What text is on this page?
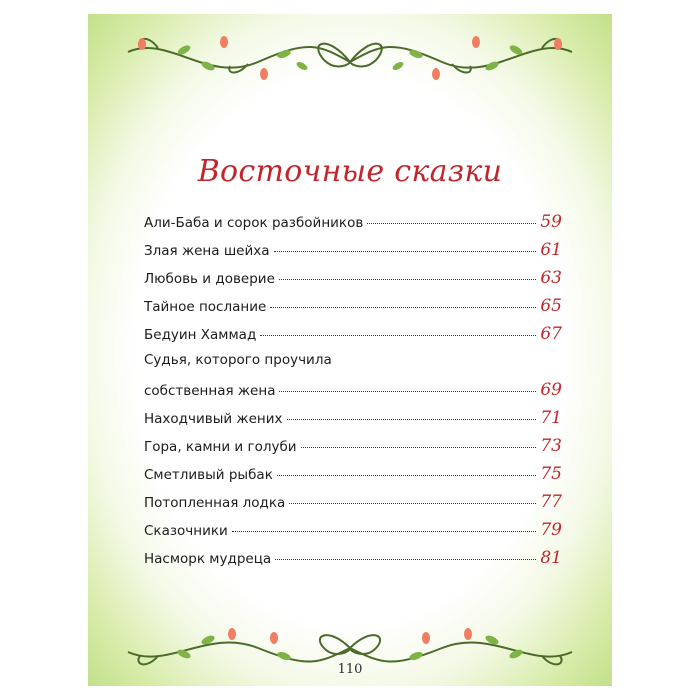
Восточные сказки
Али-Баба и сорок разбойников	59
Злая жена шейха	61
Любовь и доверие	63
Тайное послание	65
Бедуин Хаммад	67
Судья, которого проучила
собственная жена	69
Находчивый жених	71
Гора, камни и голуби	73
Сметливый рыбак	75
Потопленная лодка	77
Сказочники	79
Насморк мудреца	81
110
